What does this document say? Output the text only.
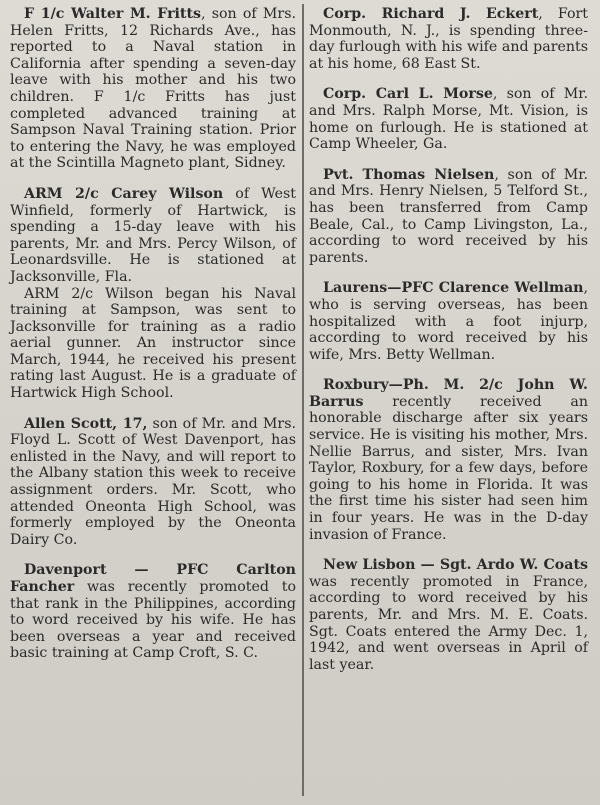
F 1/c Walter M. Fritts, son of Mrs. Helen Fritts, 12 Richards Ave., has reported to a Naval station in California after spending a seven-day leave with his mother and his two children. F 1/c Fritts has just completed advanced training at Sampson Naval Training station. Prior to entering the Navy, he was employed at the Scintilla Magneto plant, Sidney.

ARM 2/c Carey Wilson of West Winfield, formerly of Hartwick, is spending a 15-day leave with his parents, Mr. and Mrs. Percy Wilson, of Leonardsville. He is stationed at Jacksonville, Fla.

ARM 2/c Wilson began his Naval training at Sampson, was sent to Jacksonville for training as a radio aerial gunner. An instructor since March, 1944, he received his present rating last August. He is a graduate of Hartwick High School.

Allen Scott, 17, son of Mr. and Mrs. Floyd L. Scott of West Davenport, has enlisted in the Navy, and will report to the Albany station this week to receive assignment orders. Mr. Scott, who attended Oneonta High School, was formerly employed by the Oneonta Dairy Co.

Davenport — PFC Carlton Fancher was recently promoted to that rank in the Philippines, according to word received by his wife. He has been overseas a year and received basic training at Camp Croft, S. C.

Corp. Richard J. Eckert, Fort Monmouth, N. J., is spending three-day furlough with his wife and parents at his home, 68 East St.

Corp. Carl L. Morse, son of Mr. and Mrs. Ralph Morse, Mt. Vision, is home on furlough. He is stationed at Camp Wheeler, Ga.

Pvt. Thomas Nielsen, son of Mr. and Mrs. Henry Nielsen, 5 Telford St., has been transferred from Camp Beale, Cal., to Camp Livingston, La., according to word received by his parents.

Laurens—PFC Clarence Wellman, who is serving overseas, has been hospitalized with a foot injurp, according to word received by his wife, Mrs. Betty Wellman.

Roxbury—Ph. M. 2/c John W. Barrus recently received an honorable discharge after six years service. He is visiting his mother, Mrs. Nellie Barrus, and sister, Mrs. Ivan Taylor, Roxbury, for a few days, before going to his home in Florida. It was the first time his sister had seen him in four years. He was in the D-day invasion of France.

New Lisbon — Sgt. Ardo W. Coats was recently promoted in France, according to word received by his parents, Mr. and Mrs. M. E. Coats. Sgt. Coats entered the Army Dec. 1, 1942, and went overseas in April of last year.
